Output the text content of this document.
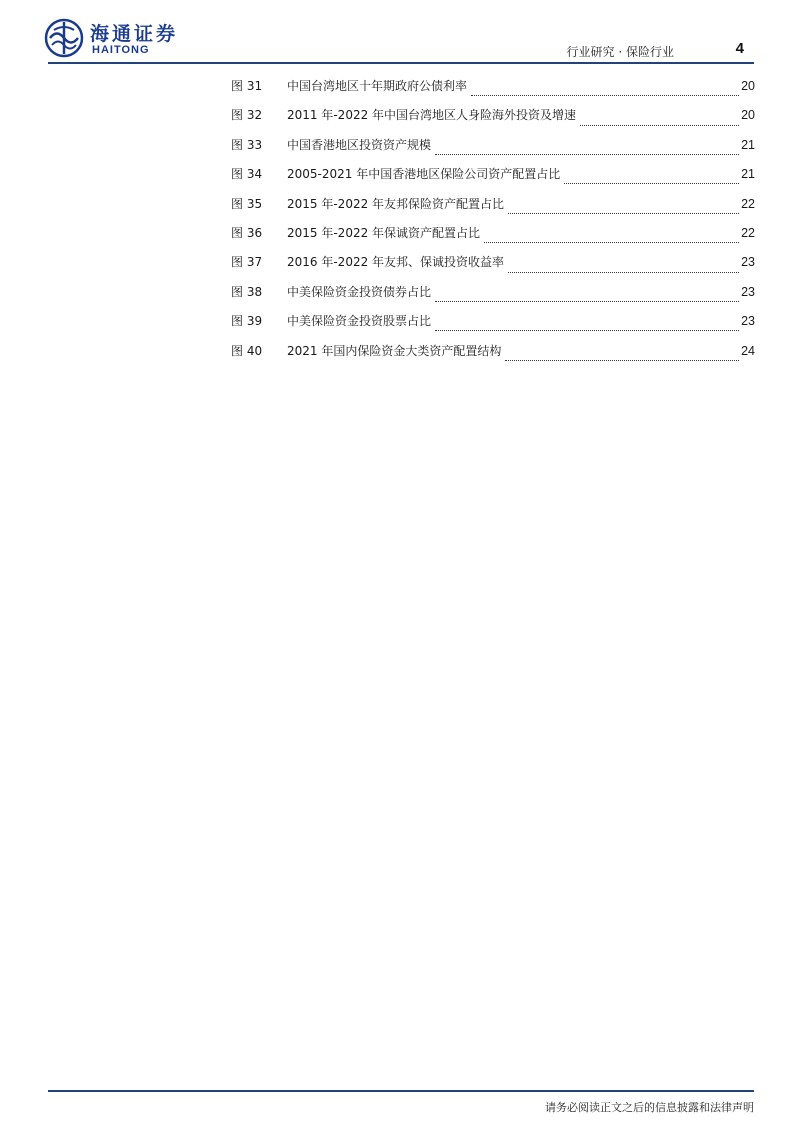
海通证券
HAITONG	行业研究 · 保险行业	4
图 31	中国台湾地区十年期政府公债利率	20
图 32	2011 年-2022 年中国台湾地区人身险海外投资及增速	20
图 33	中国香港地区投资资产规模	21
图 34	2005-2021 年中国香港地区保险公司资产配置占比	21
图 35	2015 年-2022 年友邦保险资产配置占比	22
图 36	2015 年-2022 年保诚资产配置占比	22
图 37	2016 年-2022 年友邦、保诚投资收益率	23
图 38	中美保险资金投资债券占比	23
图 39	中美保险资金投资股票占比	23
图 40	2021 年国内保险资金大类资产配置结构	24
请务必阅读正文之后的信息披露和法律声明
